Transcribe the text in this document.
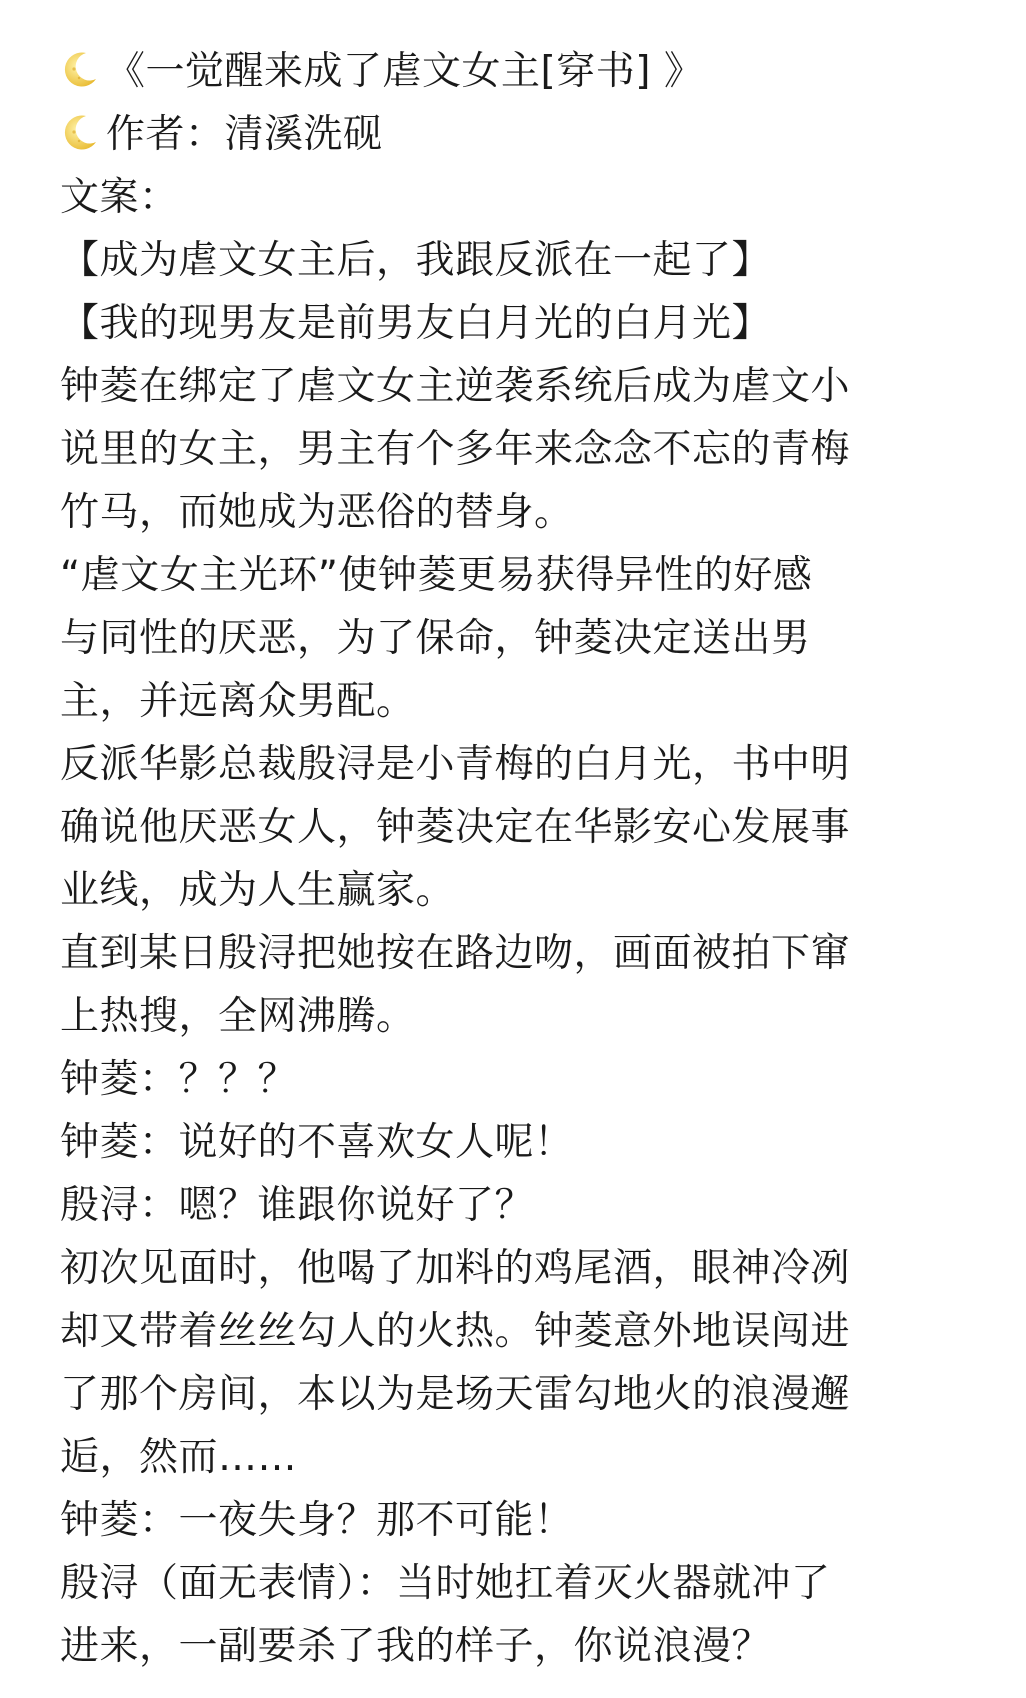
《一觉醒来成了虐文女主[穿书] 》
作者：清溪洗砚
文案：
【成为虐文女主后，我跟反派在一起了】
【我的现男友是前男友白月光的白月光】
钟菱在绑定了虐文女主逆袭系统后成为虐文小
说里的女主，男主有个多年来念念不忘的青梅
竹马，而她成为恶俗的替身。
“虐文女主光环”使钟菱更易获得异性的好感
与同性的厌恶，为了保命，钟菱决定送出男
主，并远离众男配。
反派华影总裁殷浔是小青梅的白月光，书中明
确说他厌恶女人，钟菱决定在华影安心发展事
业线，成为人生赢家。
直到某日殷浔把她按在路边吻，画面被拍下窜
上热搜，全网沸腾。
钟菱：？？？
钟菱：说好的不喜欢女人呢！
殷浔：嗯？谁跟你说好了？
初次见面时，他喝了加料的鸡尾酒，眼神冷冽
却又带着丝丝勾人的火热。钟菱意外地误闯进
了那个房间，本以为是场天雷勾地火的浪漫邂
逅，然而……
钟菱：一夜失身？那不可能！
殷浔（面无表情）：当时她扛着灭火器就冲了
进来，一副要杀了我的样子，你说浪漫？
